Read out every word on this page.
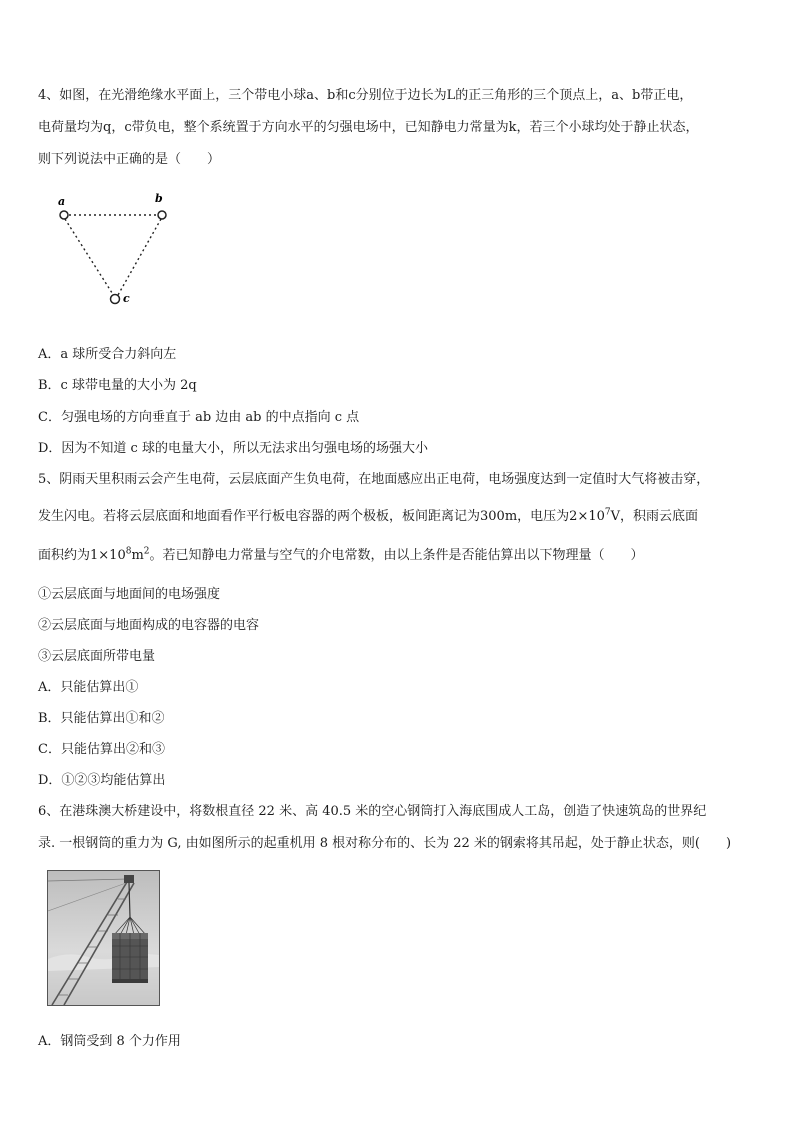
4、如图，在光滑绝缘水平面上，三个带电小球a、b和c分别位于边长为L的正三角形的三个顶点上，a、b带正电，
电荷量均为q，c带负电，整个系统置于方向水平的匀强电场中，已知静电力常量为k，若三个小球均处于静止状态，
则下列说法中正确的是（　　）
a	b
c
A．a 球所受合力斜向左
B．c 球带电量的大小为 2q
C．匀强电场的方向垂直于 ab 边由 ab 的中点指向 c 点
D．因为不知道 c 球的电量大小，所以无法求出匀强电场的场强大小
5、阴雨天里积雨云会产生电荷，云层底面产生负电荷，在地面感应出正电荷，电场强度达到一定值时大气将被击穿，
发生闪电。若将云层底面和地面看作平行板电容器的两个极板，板间距离记为300m，电压为$2\times 10^7V$，积雨云底面
面积约为$1\times 10^8m^2$。若已知静电力常量与空气的介电常数，由以上条件是否能估算出以下物理量（　　）
①云层底面与地面间的电场强度
②云层底面与地面构成的电容器的电容
③云层底面所带电量
A．只能估算出①
B．只能估算出①和②
C．只能估算出②和③
D．①②③均能估算出
6、在港珠澳大桥建设中，将数根直径 22 米、高 40.5 米的空心钢筒打入海底围成人工岛，创造了快速筑岛的世界纪
录. 一根钢筒的重力为 G, 由如图所示的起重机用 8 根对称分布的、长为 22 米的钢索将其吊起，处于静止状态，则(　　)
A．钢筒受到 8 个力作用
